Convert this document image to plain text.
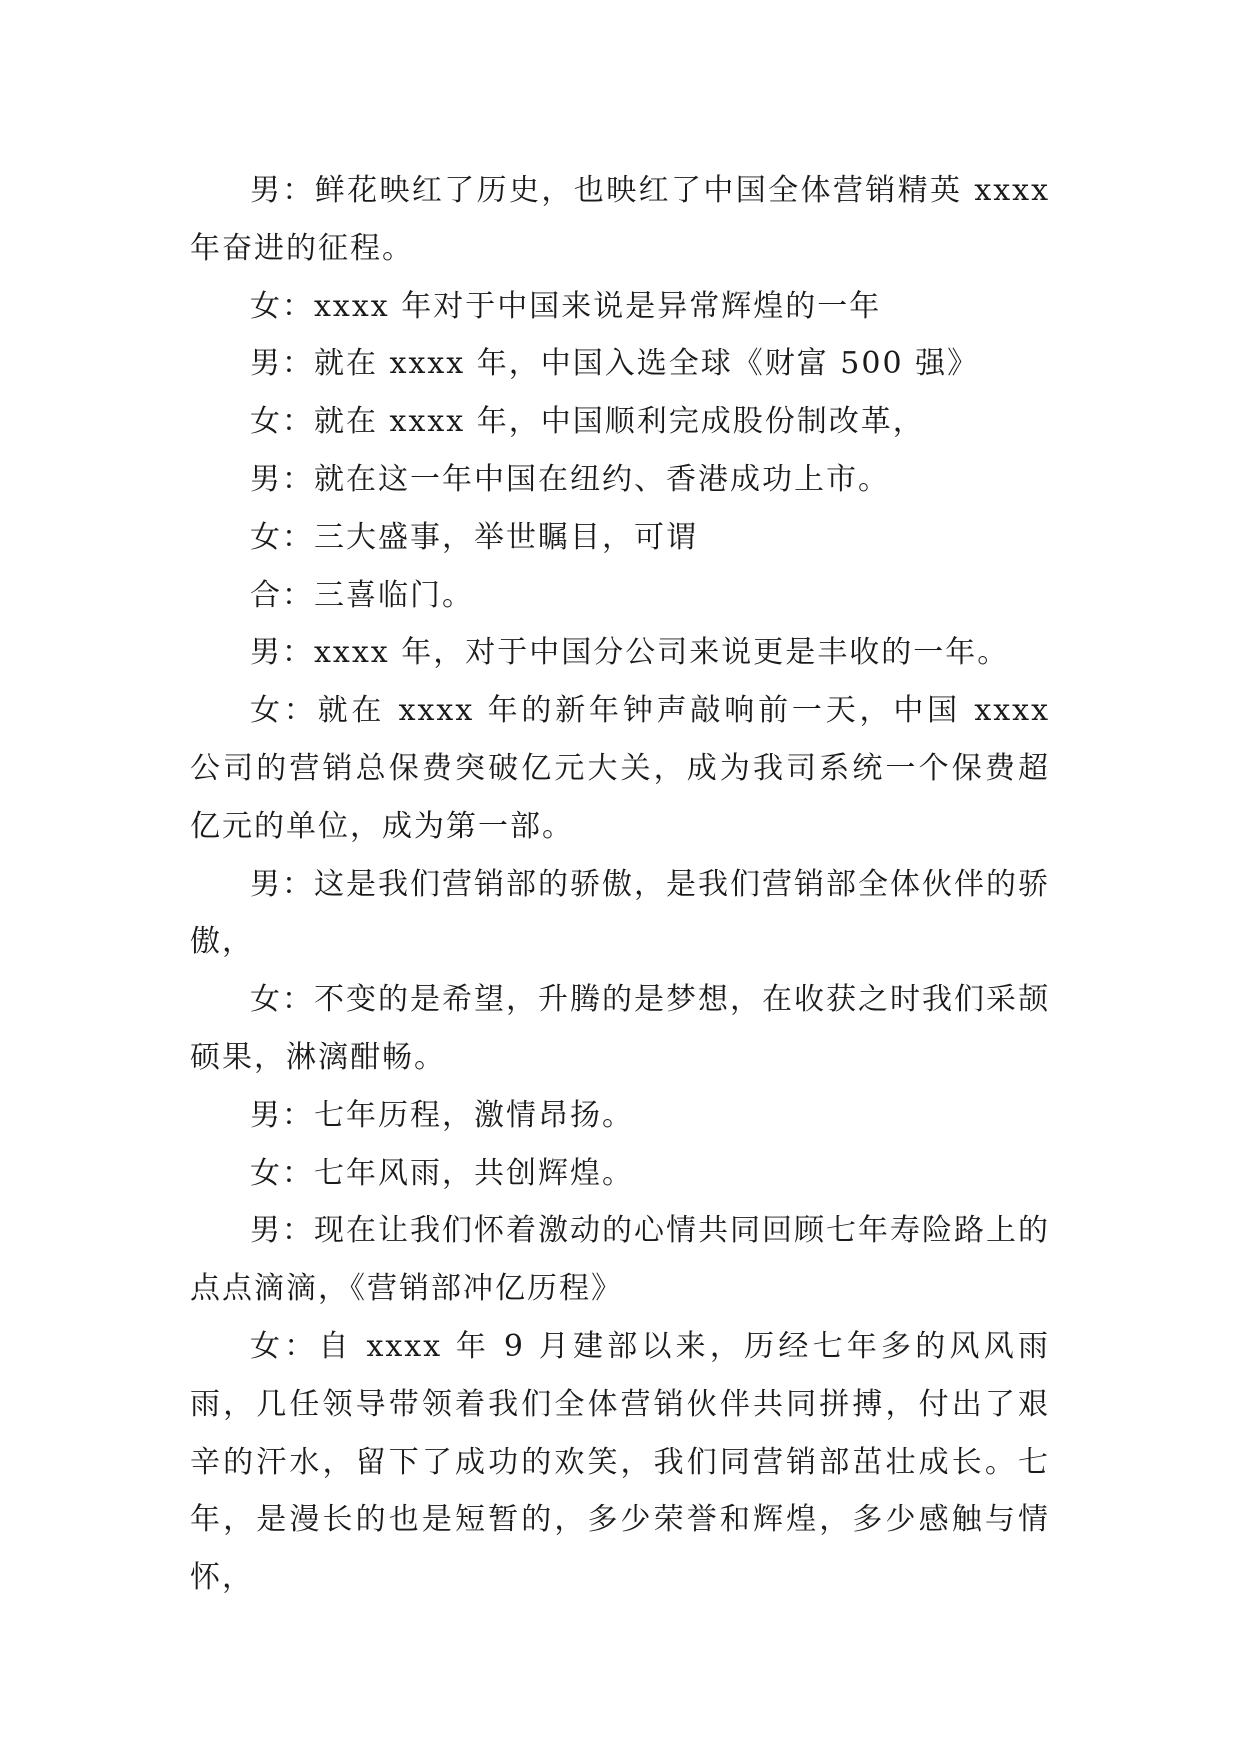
男：鲜花映红了历史，也映红了中国全体营销精英 xxxx 年奋进的征程。

女：xxxx 年对于中国来说是异常辉煌的一年

男：就在 xxxx 年，中国入选全球《财富 500 强》

女：就在 xxxx 年，中国顺利完成股份制改革，

男：就在这一年中国在纽约、香港成功上市。

女：三大盛事，举世瞩目，可谓

合：三喜临门。

男：xxxx 年，对于中国分公司来说更是丰收的一年。

女：就在 xxxx 年的新年钟声敲响前一天，中国 xxxx 公司的营销总保费突破亿元大关，成为我司系统一个保费超亿元的单位，成为第一部。

男：这是我们营销部的骄傲，是我们营销部全体伙伴的骄傲，

女：不变的是希望，升腾的是梦想，在收获之时我们采颉硕果，淋漓酣畅。

男：七年历程，激情昂扬。

女：七年风雨，共创辉煌。

男：现在让我们怀着激动的心情共同回顾七年寿险路上的点点滴滴，《营销部冲亿历程》

女：自 xxxx 年 9 月建部以来，历经七年多的风风雨雨，几任领导带领着我们全体营销伙伴共同拼搏，付出了艰辛的汗水，留下了成功的欢笑，我们同营销部茁壮成长。七年，是漫长的也是短暂的，多少荣誉和辉煌，多少感触与情怀，
